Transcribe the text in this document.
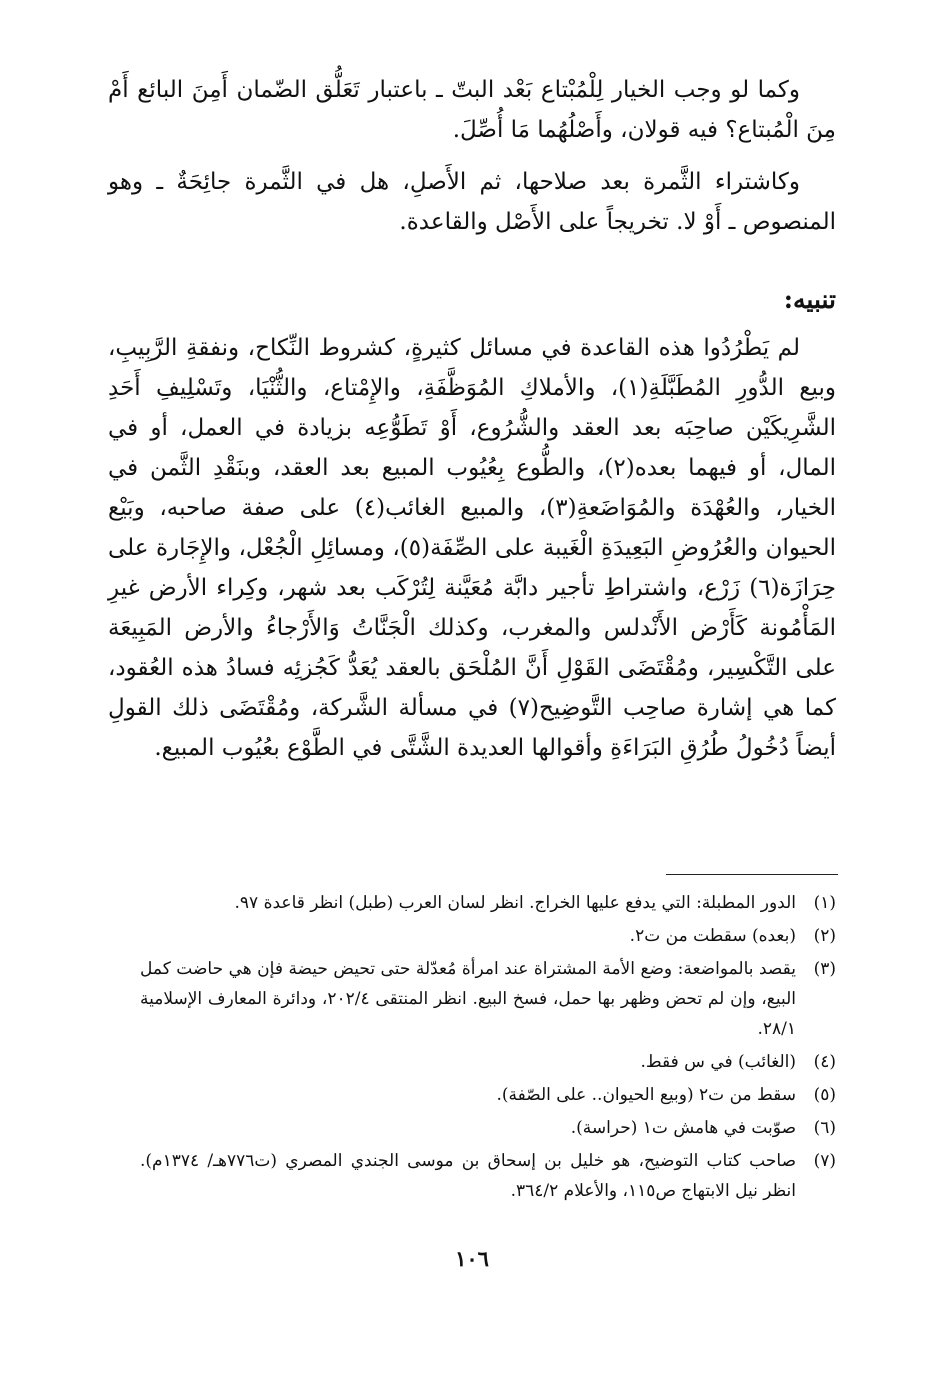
وكما لو وجب الخيار لِلْمُبْتاع بَعْد البتّ ـ باعتبار تَعَلُّق الضّمان أَمِنَ البائع أَمْ مِنَ الْمُبتاع؟ فيه قولان، وأَصْلُهُما مَا أُصِّلَ.

وكاشتراء الثَّمرة بعد صلاحها، ثم الأَصلِ، هل في الثَّمرة جائِحَةٌ ـ وهو المنصوص ـ أَوْ لا. تخريجاً على الأَصْل والقاعدة.

تنبيه:

لم يَطْرُدُوا هذه القاعدة في مسائل كثيرةٍ، كشروط النِّكاح، ونفقةِ الرَّبِيبِ، وبيع الدُّورِ المُطَبَّلَةِ(١)، والأملاكِ المُوَظَّفَةِ، والإِمْتاع، والثُّنْيَا، وتَسْلِيفِ أَحَدِ الشَّرِيكَيْن صاحِبَه بعد العقد والشُّرُوع، أَوْ تَطَوُّعِه بزيادة في العمل، أو في المال، أو فيهما بعده(٢)، والطُّوع بِعُيُوب المبيع بعد العقد، وبنَقْدِ الثَّمن في الخيار، والعُهْدَة والمُوَاضَعةِ(٣)، والمبيع الغائب(٤) على صفة صاحبه، وبَيْع الحيوان والعُرُوضِ البَعِيدَةِ الْغَيبة على الصِّفَة(٥)، ومسائِلِ الْجُعْل، والإِجَارة على حِرَازَة(٦) زَرْع، واشتراطِ تأجير دابَّة مُعَيَّنة لِتُرْكَب بعد شهر، وكِراء الأرض غيرِ المَأْمُونة كَأَرْض الأَنْدلس والمغرب، وكذلك الْجَنَّاتُ وَالأَرْجاءُ والأرض المَبِيعَة على التَّكْسِير، ومُقْتَضَى القَوْلِ أَنَّ المُلْحَق بالعقد يُعَدُّ كَجُزئِه فسادُ هذه العُقود، كما هي إشارة صاحِب التَّوضِيح(٧) في مسألة الشَّركة، ومُقْتَضَى ذلك القولِ أيضاً دُخُولُ طُرُقِ البَرَاءَةِ وأقوالها العديدة الشَّتَّى في الطَّوْع بعُيُوب المبيع.

(١)
الدور المطبلة: التي يدفع عليها الخراج. انظر لسان العرب (طبل) انظر قاعدة ٩٧.
(٢)
(بعده) سقطت من ت٢.
(٣)
يقصد بالمواضعة: وضع الأمة المشتراة عند امرأة مُعدّلة حتى تحيض حيضة فإن هي حاضت كمل البيع، وإن لم تحض وظهر بها حمل، فسخ البيع. انظر المنتقى ٢٠٢/٤، ودائرة المعارف الإسلامية ٢٨/١.
(٤)
(الغائب) في س فقط.
(٥)
سقط من ت٢ (وبيع الحيوان.. على الصّفة).
(٦)
صوّبت في هامش ت١ (حراسة).
(٧)
صاحب كتاب التوضيح، هو خليل بن إسحاق بن موسى الجندي المصري (ت٧٧٦هـ/ ١٣٧٤م). انظر نيل الابتهاج ص١١٥، والأعلام ٣٦٤/٢.
١٠٦
